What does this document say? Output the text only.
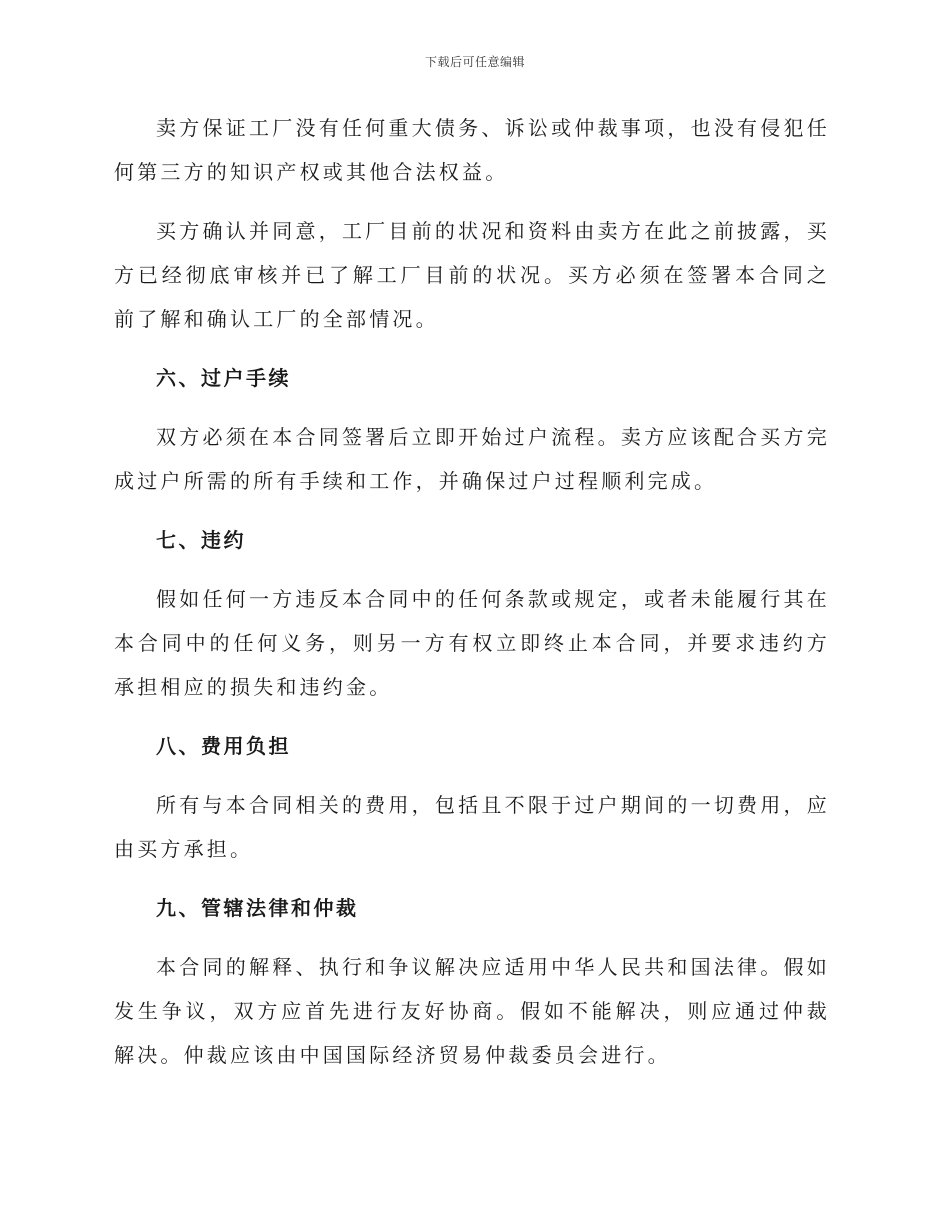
下载后可任意编辑

卖方保证工厂没有任何重大债务、诉讼或仲裁事项，也没有侵犯任何第三方的知识产权或其他合法权益。

买方确认并同意，工厂目前的状况和资料由卖方在此之前披露，买方已经彻底审核并已了解工厂目前的状况。买方必须在签署本合同之前了解和确认工厂的全部情况。

六、过户手续

双方必须在本合同签署后立即开始过户流程。卖方应该配合买方完成过户所需的所有手续和工作，并确保过户过程顺利完成。

七、违约

假如任何一方违反本合同中的任何条款或规定，或者未能履行其在本合同中的任何义务，则另一方有权立即终止本合同，并要求违约方承担相应的损失和违约金。

八、费用负担

所有与本合同相关的费用，包括且不限于过户期间的一切费用，应由买方承担。

九、管辖法律和仲裁

本合同的解释、执行和争议解决应适用中华人民共和国法律。假如发生争议，双方应首先进行友好协商。假如不能解决，则应通过仲裁解决。仲裁应该由中国国际经济贸易仲裁委员会进行。
